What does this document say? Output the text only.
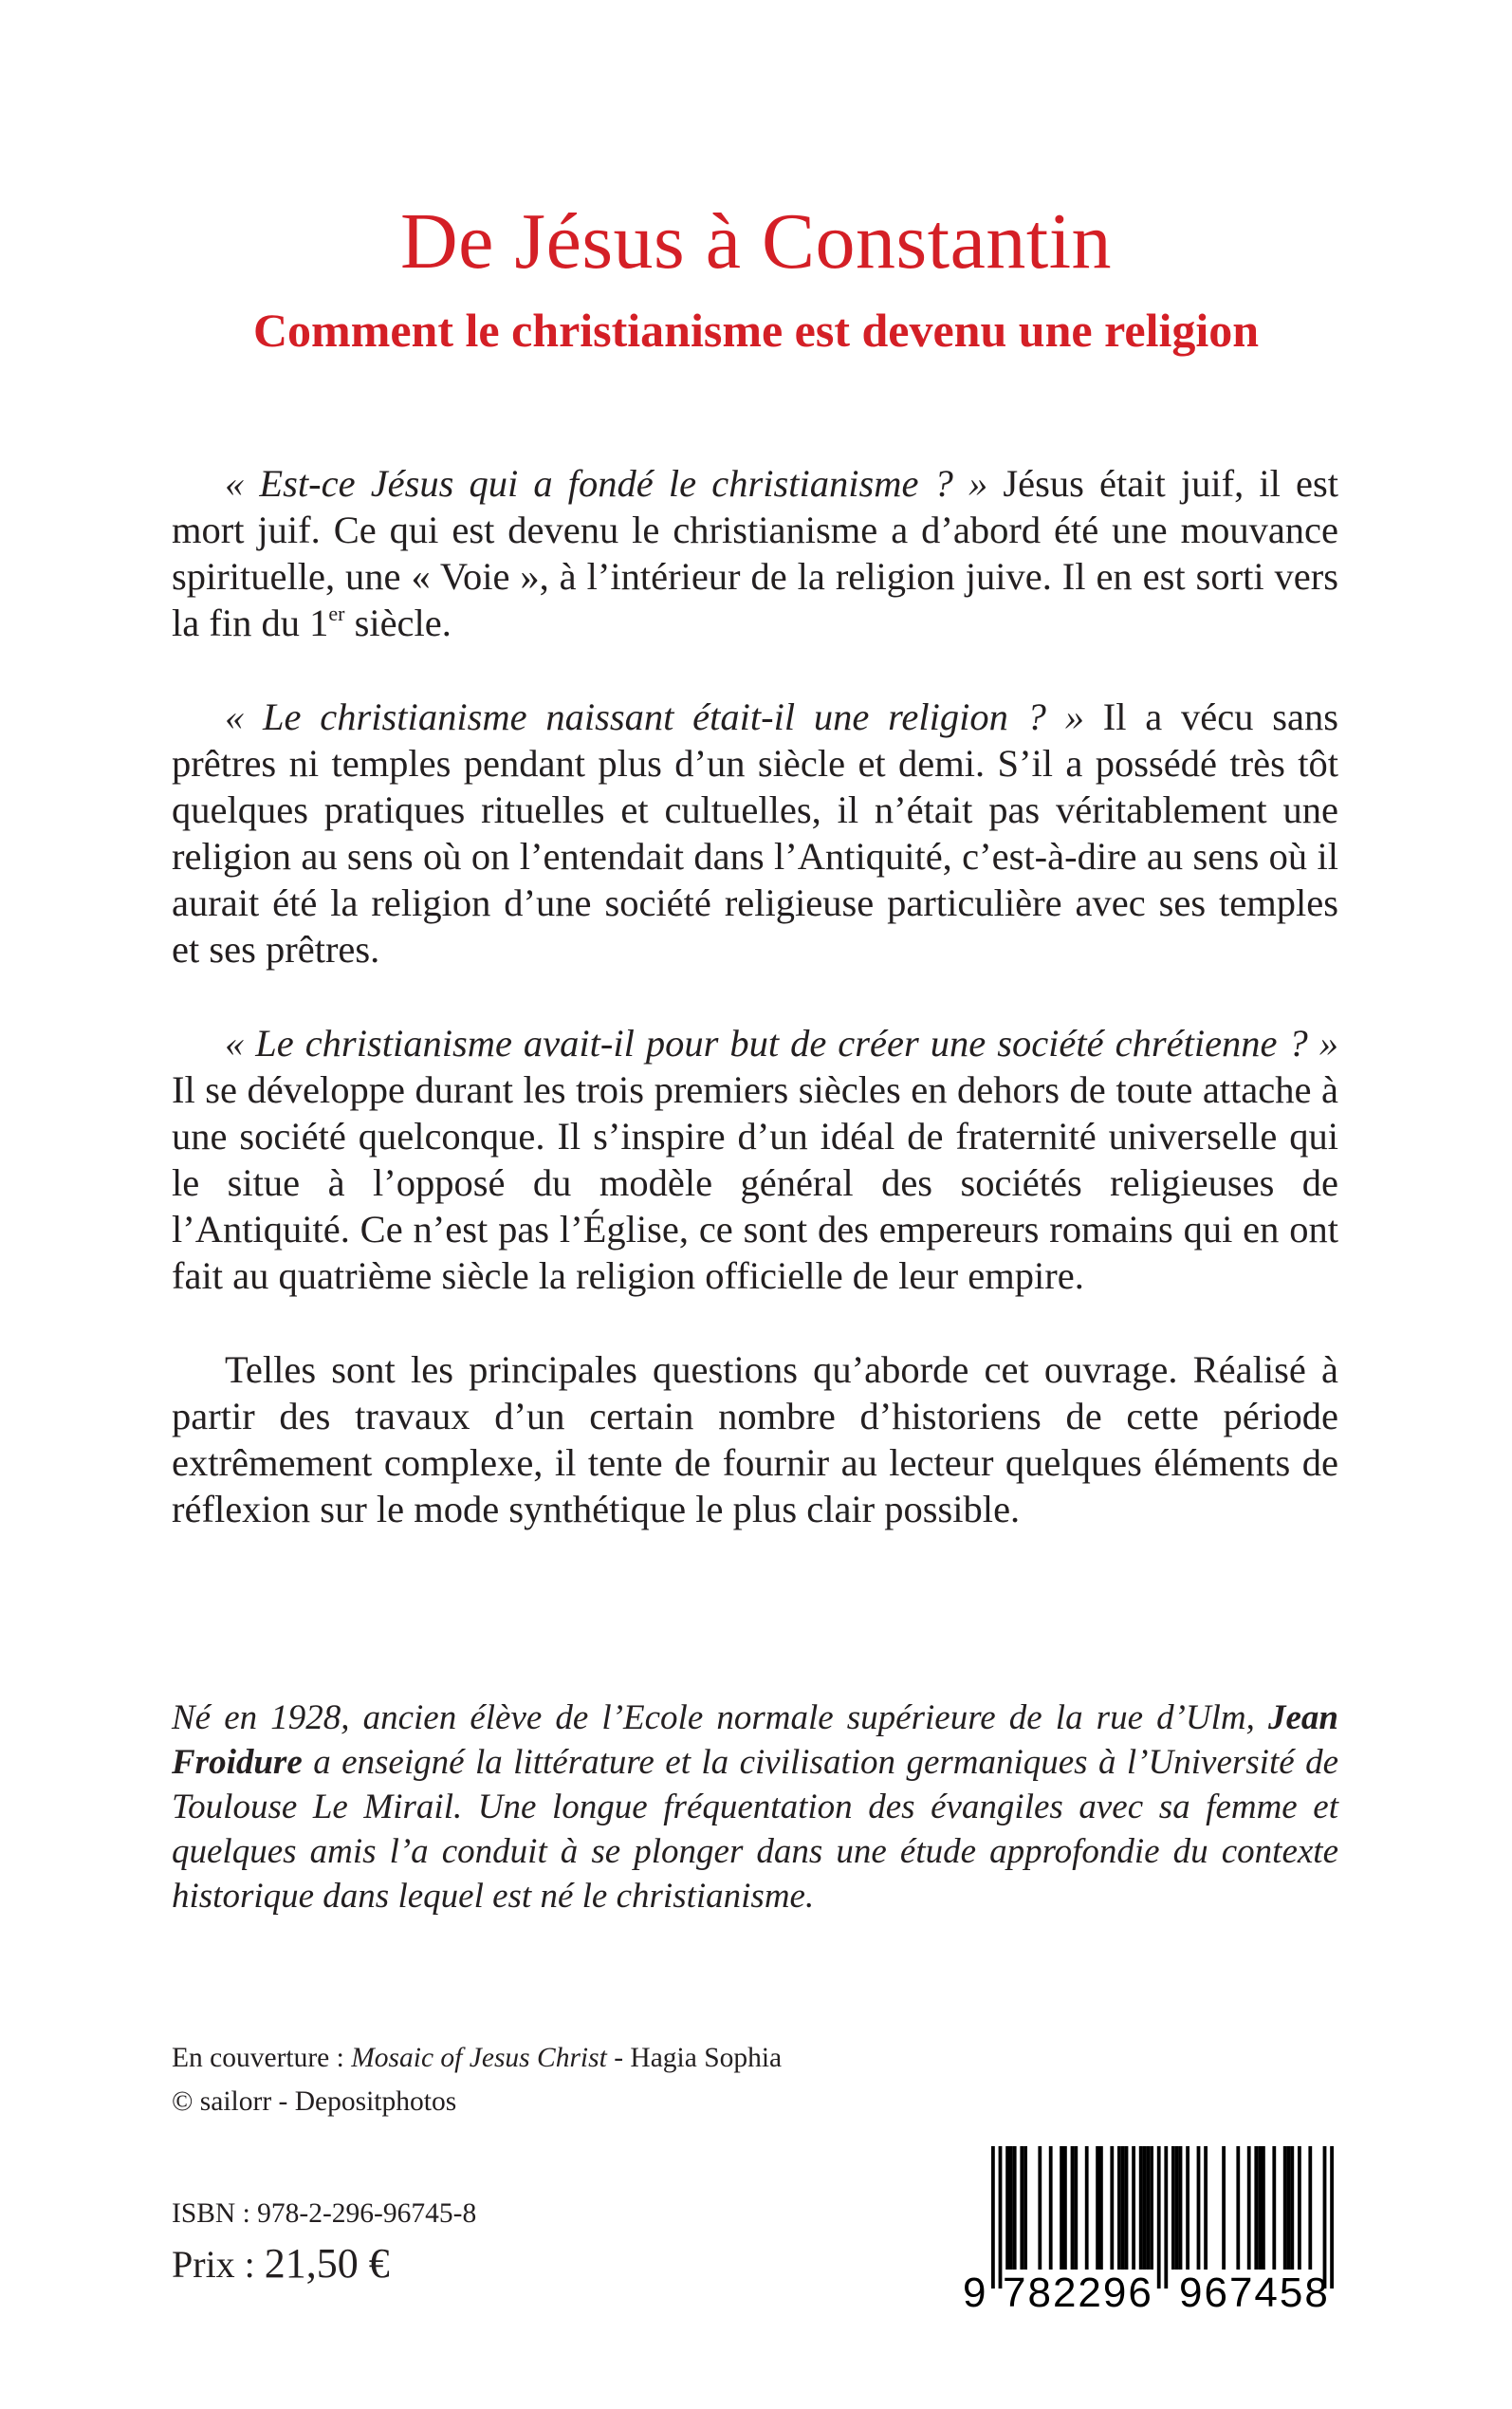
De Jésus à Constantin
Comment le christianisme est devenu une religion

« Est-ce Jésus qui a fondé le christianisme ? » Jésus était juif, il est mort juif. Ce qui est devenu le christianisme a d’abord été une mouvance spirituelle, une « Voie », à l’intérieur de la religion juive. Il en est sorti vers la fin du 1er siècle.

« Le christianisme naissant était-il une religion ? » Il a vécu sans prêtres ni temples pendant plus d’un siècle et demi. S’il a possédé très tôt quelques pratiques rituelles et cultuelles, il n’était pas véritablement une religion au sens où on l’entendait dans l’Antiquité, c’est-à-dire au sens où il aurait été la religion d’une société religieuse particulière avec ses temples et ses prêtres.

« Le christianisme avait-il pour but de créer une société chrétienne ? » Il se développe durant les trois premiers siècles en dehors de toute attache à une société quelconque. Il s’inspire d’un idéal de fraternité universelle qui le situe à l’opposé du modèle général des sociétés religieuses de l’Antiquité. Ce n’est pas l’Église, ce sont des empereurs romains qui en ont fait au quatrième siècle la religion officielle de leur empire.

Telles sont les principales questions qu’aborde cet ouvrage. Réalisé à partir des travaux d’un certain nombre d’historiens de cette période extrêmement complexe, il tente de fournir au lecteur quelques éléments de réflexion sur le mode synthétique le plus clair possible.

Né en 1928, ancien élève de l’Ecole normale supérieure de la rue d’Ulm, Jean Froidure a enseigné la littérature et la civilisation germaniques à l’Université de Toulouse Le Mirail. Une longue fréquentation des évangiles avec sa femme et quelques amis l’a conduit à se plonger dans une étude approfondie du contexte historique dans lequel est né le christianisme.

En couverture : Mosaic of Jesus Christ - Hagia Sophia
© sailorr - Depositphotos
ISBN : 978-2-296-96745-8
Prix : 21,50 €
9 782296 967458
